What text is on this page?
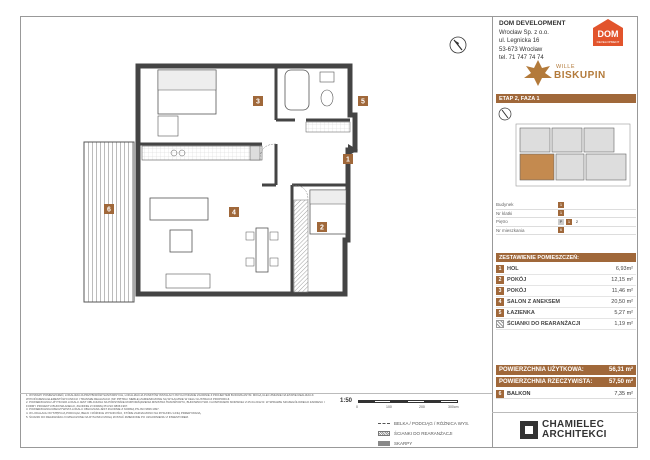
1
2
3
4
5
6
DOM DEVELOPMENT
Wrocław Sp. z o.o.
ul. Legnicka 16
53-673 Wrocław
tel. 71 747 74 74
DOM
DEVELOPMENT
WILLE
BISKUPIN
ETAP 2, FAZA 1
Budynek	1
Nr klatki	1
Piętro	P	1	2
Nr mieszkania	6
ZESTAWIENIE POMIESZCZEŃ:
1	HOL	6,93m²
2	POKÓJ	12,15 m²
3	POKÓJ	11,46 m²
4	SALON Z ANEKSEM	20,50 m²
5	ŁAZIENKA	5,27 m²
ŚCIANKI DO REARANŻACJI	1,19 m²
POWIERZCHNIA UŻYTKOWA:	56,31 m²
POWIERZCHNIA RZECZYWISTA:	57,50 m²
6	BALKON	7,35 m²
CHAMIELEC
ARCHITEKCI

1. WYMIARY POMIESZCZEŃ, LOKALIZACJA PRZYBORÓW SANITARNYCH, LOKALIZACJA PUNKTÓW INSTALACYJNYCH PODANE ZGODNIE Z PROJEKTEM BUDOWLANYM. MOGĄ ULEC ZMIANIE NA ETAPIE REALIZACJI. WYKOŃCZENIA ELEMENTÓW FUNKCJI I TRANSZE REALIZACJI (NP. PIĘTRA I MEBLE) ZAMIESZCZONE SĄ WYŁĄCZNIE W CELU ILUSTRACJI PROPORCJI.

2. POWIERZCHNIA UŻYTKOWA LOKALU JEST OBLICZANA NA PODSTAWIE ROZPORZĄDZENIA MINISTRA TRANSPORTU, BUDOWNICTWA I GOSPODARKI MORSKIEJ Z 25.04.2012 R. W SPRAWIE SZCZEGÓŁOWEGO ZAKRESU I FORMY PROJEKTU BUDOWLANEGO, ZGODNIE Z NORMĄ PN-ISO 9836:1997.

3. POWIERZCHNIA RZECZYWISTA LOKALU OBLICZANA JEST ZGODNIE Z NORMĄ PN-ISO 9836:1997.

4. W LOKALACH WYSTĘPUJĄ PODCIĄGI, BELKI I RÓŻNICE WYSOKOŚCI, KTÓRE ZAZNACZONO NA RYSUNKU LINIĄ PRZERYWANĄ.

5. ŚCIANKI DO REARANŻACJI OZNACZONE NA RYSUNKU MOGĄ ZOSTAĆ ZMIENIONE PO UZGODNIENIU Z INWESTOREM.

1:50
0	100	200	300cm
BELKA / PODCIĄG / RÓŻNICA WYS.
ŚCIANKI DO REARANŻACJI
SKARPY
